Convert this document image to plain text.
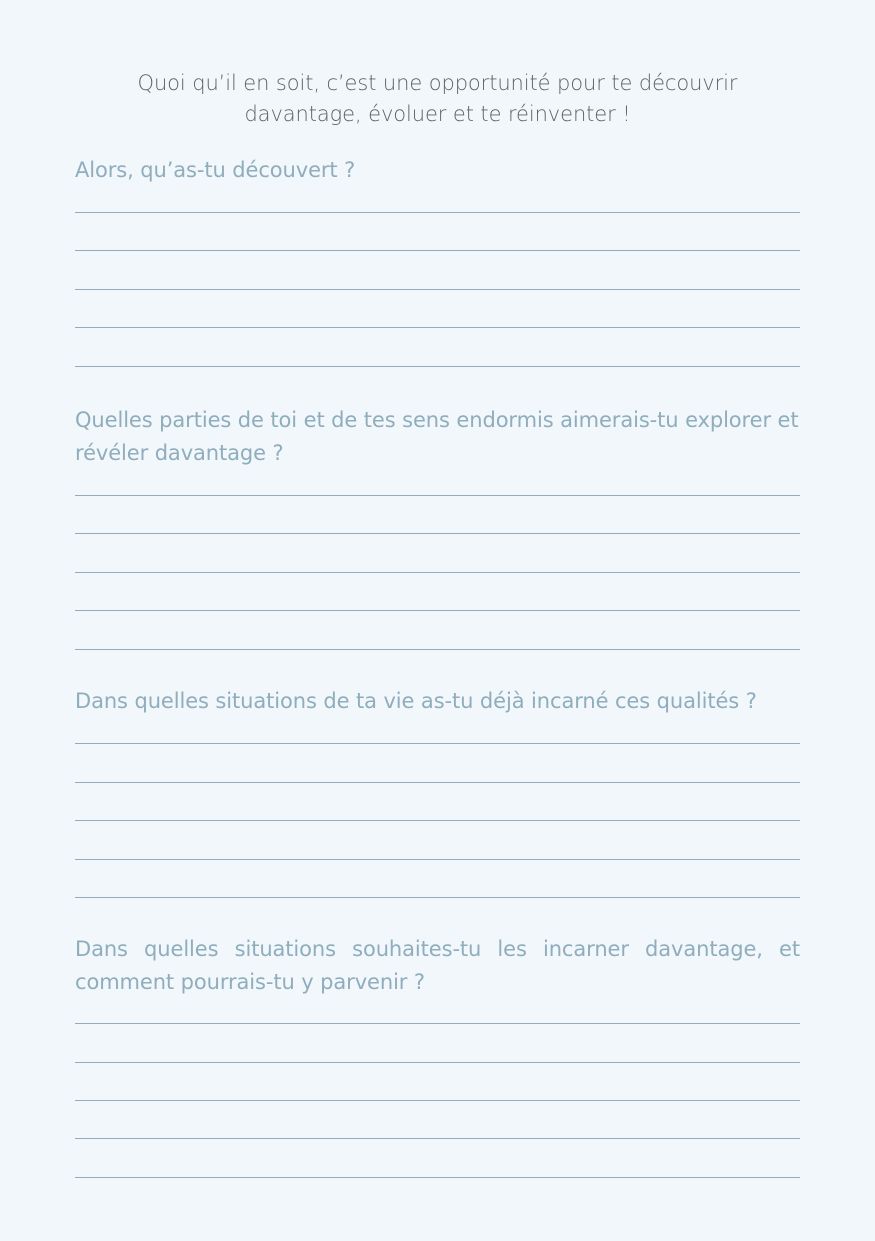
Quoi qu’il en soit, c’est une opportunité pour te découvrir
davantage, évoluer et te réinventer !
Alors, qu’as-tu découvert ?
Quelles parties de toi et de tes sens endormis aimerais-tu explorer et révéler davantage ?
Dans quelles situations de ta vie as-tu déjà incarné ces qualités ?
Dans quelles situations souhaites-tu les incarner davantage, et comment pourrais-tu y parvenir ?
